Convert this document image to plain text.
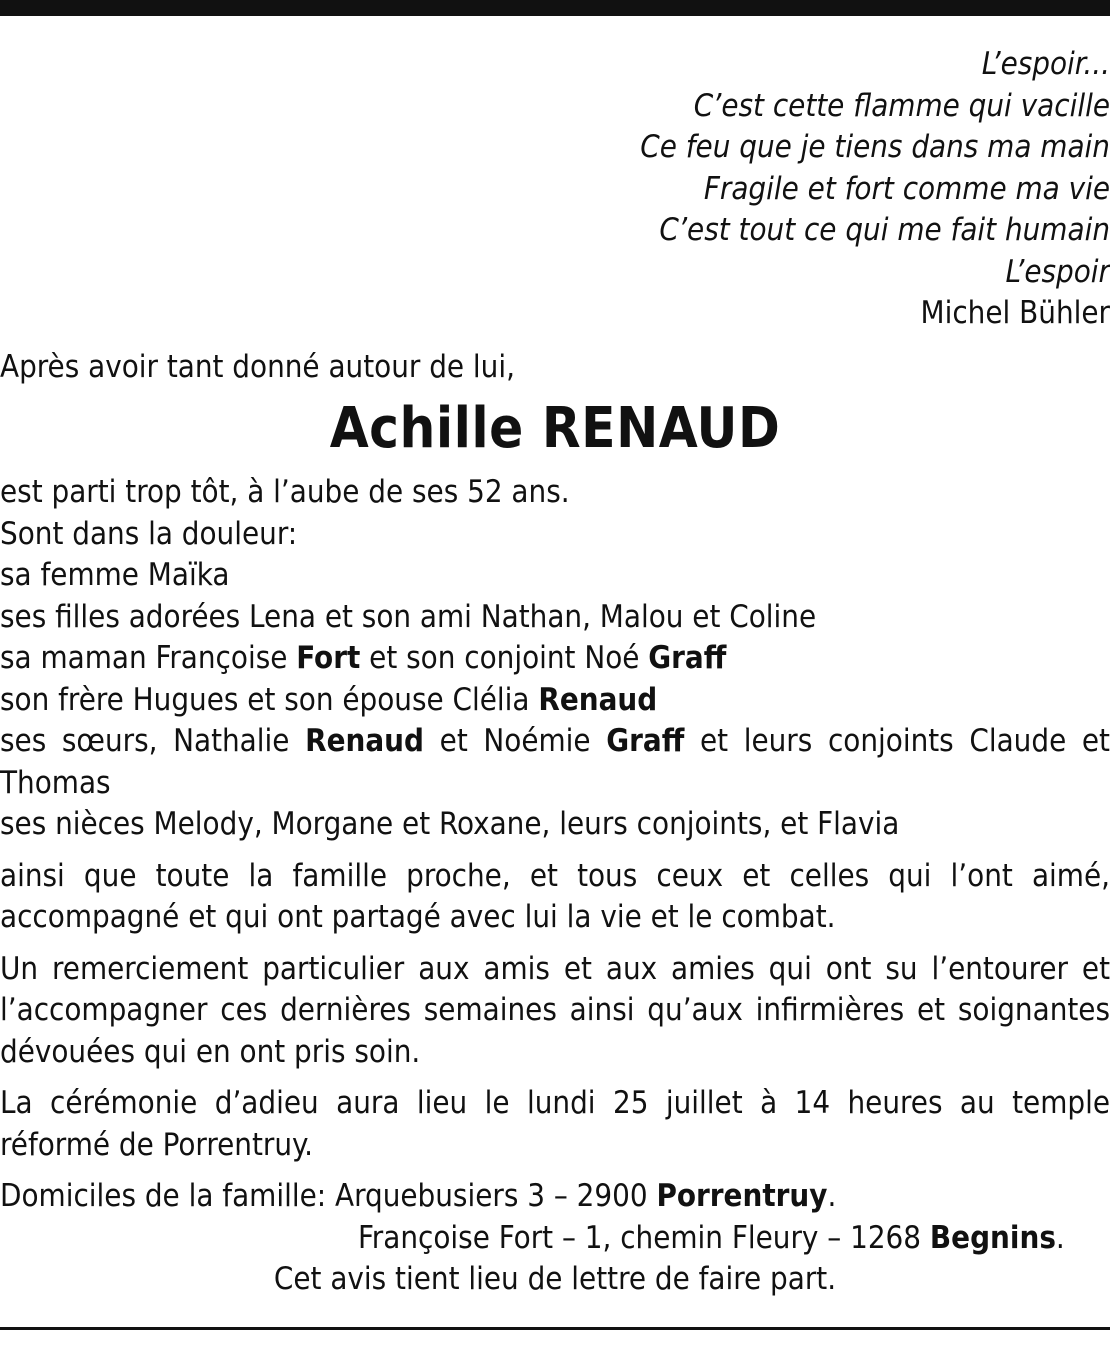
L’espoir...
C’est cette flamme qui vacille
Ce feu que je tiens dans ma main
Fragile et fort comme ma vie
C’est tout ce qui me fait humain
L’espoir
Michel Bühler
Après avoir tant donné autour de lui,
Achille RENAUD
est parti trop tôt, à l’aube de ses 52 ans.
Sont dans la douleur:
sa femme Maïka
ses filles adorées Lena et son ami Nathan, Malou et Coline
sa maman Françoise Fort et son conjoint Noé Graff
son frère Hugues et son épouse Clélia Renaud
ses sœurs, Nathalie Renaud et Noémie Graff et leurs conjoints Claude et Thomas
ses nièces Melody, Morgane et Roxane, leurs conjoints, et Flavia
ainsi que toute la famille proche, et tous ceux et celles qui l’ont aimé, accompagné et qui ont partagé avec lui la vie et le combat.
Un remerciement particulier aux amis et aux amies qui ont su l’entourer et l’accompagner ces dernières semaines ainsi qu’aux infirmières et soignantes dévouées qui en ont pris soin.
La cérémonie d’adieu aura lieu le lundi 25 juillet à 14 heures au temple réformé de Porrentruy.
Domiciles de la famille: Arquebusiers 3 – 2900 Porrentruy.
Françoise Fort – 1, chemin Fleury – 1268 Begnins.
Cet avis tient lieu de lettre de faire part.
